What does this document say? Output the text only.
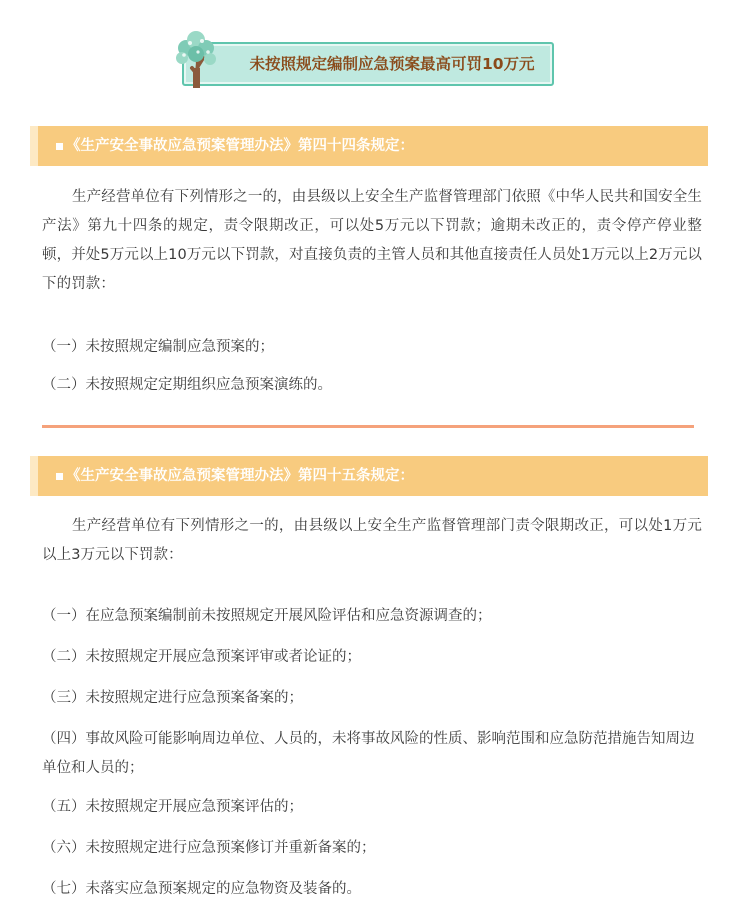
未按照规定编制应急预案最高可罚10万元
《生产安全事故应急预案管理办法》第四十四条规定：
生产经营单位有下列情形之一的，由县级以上安全生产监督管理部门依照《中华人民共和国安全生产法》第九十四条的规定，责令限期改正，可以处5万元以下罚款；逾期未改正的，责令停产停业整顿，并处5万元以上10万元以下罚款，对直接负责的主管人员和其他直接责任人员处1万元以上2万元以下的罚款：
（一）未按照规定编制应急预案的；
（二）未按照规定定期组织应急预案演练的。
《生产安全事故应急预案管理办法》第四十五条规定：
生产经营单位有下列情形之一的，由县级以上安全生产监督管理部门责令限期改正，可以处1万元以上3万元以下罚款：
（一）在应急预案编制前未按照规定开展风险评估和应急资源调查的；
（二）未按照规定开展应急预案评审或者论证的；
（三）未按照规定进行应急预案备案的；
（四）事故风险可能影响周边单位、人员的，未将事故风险的性质、影响范围和应急防范措施告知周边单位和人员的；
（五）未按照规定开展应急预案评估的；
（六）未按照规定进行应急预案修订并重新备案的；
（七）未落实应急预案规定的应急物资及装备的。
